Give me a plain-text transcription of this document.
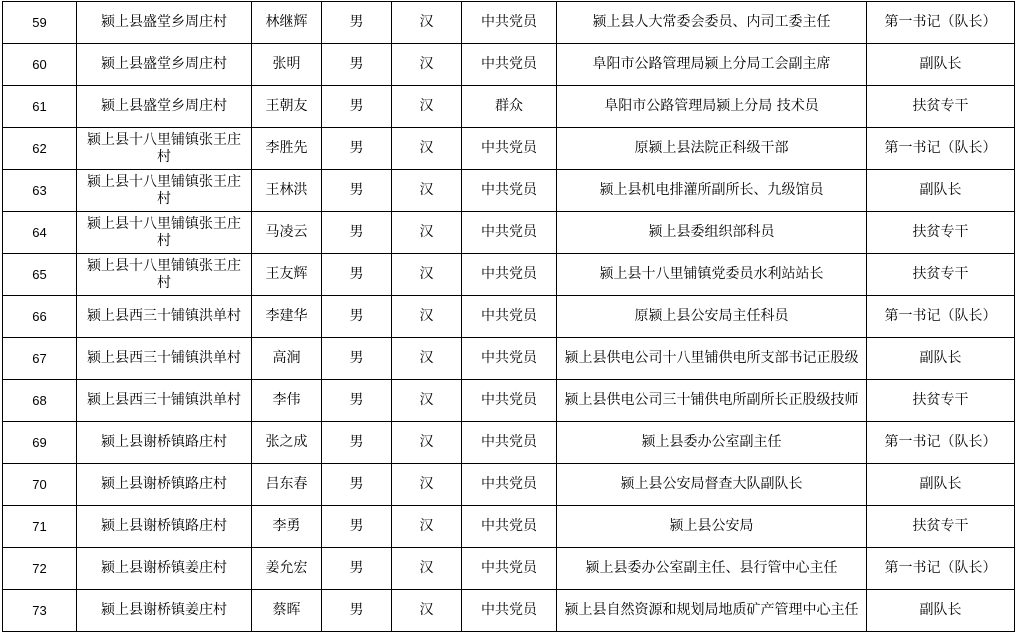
59	颍上县盛堂乡周庄村	林继辉	男	汉	中共党员	颍上县人大常委会委员、内司工委主任	第一书记（队长）
60	颍上县盛堂乡周庄村	张明	男	汉	中共党员	阜阳市公路管理局颍上分局工会副主席	副队长
61	颍上县盛堂乡周庄村	王朝友	男	汉	群众	阜阳市公路管理局颍上分局 技术员	扶贫专干
62	颍上县十八里铺镇张王庄村	李胜先	男	汉	中共党员	原颍上县法院正科级干部	第一书记（队长）
63	颍上县十八里铺镇张王庄村	王林洪	男	汉	中共党员	颍上县机电排灌所副所长、九级馆员	副队长
64	颍上县十八里铺镇张王庄村	马凌云	男	汉	中共党员	颍上县委组织部科员	扶贫专干
65	颍上县十八里铺镇张王庄村	王友辉	男	汉	中共党员	颍上县十八里铺镇党委员水利站站长	扶贫专干
66	颍上县西三十铺镇洪单村	李建华	男	汉	中共党员	原颍上县公安局主任科员	第一书记（队长）
67	颍上县西三十铺镇洪单村	高涧	男	汉	中共党员	颍上县供电公司十八里铺供电所支部书记正股级	副队长
68	颍上县西三十铺镇洪单村	李伟	男	汉	中共党员	颍上县供电公司三十铺供电所副所长正股级技师	扶贫专干
69	颍上县谢桥镇路庄村	张之成	男	汉	中共党员	颍上县委办公室副主任	第一书记（队长）
70	颍上县谢桥镇路庄村	吕东春	男	汉	中共党员	颍上县公安局督查大队副队长	副队长
71	颍上县谢桥镇路庄村	李勇	男	汉	中共党员	颍上县公安局	扶贫专干
72	颍上县谢桥镇姜庄村	姜允宏	男	汉	中共党员	颍上县委办公室副主任、县行管中心主任	第一书记（队长）
73	颍上县谢桥镇姜庄村	蔡晖	男	汉	中共党员	颍上县自然资源和规划局地质矿产管理中心主任	副队长
